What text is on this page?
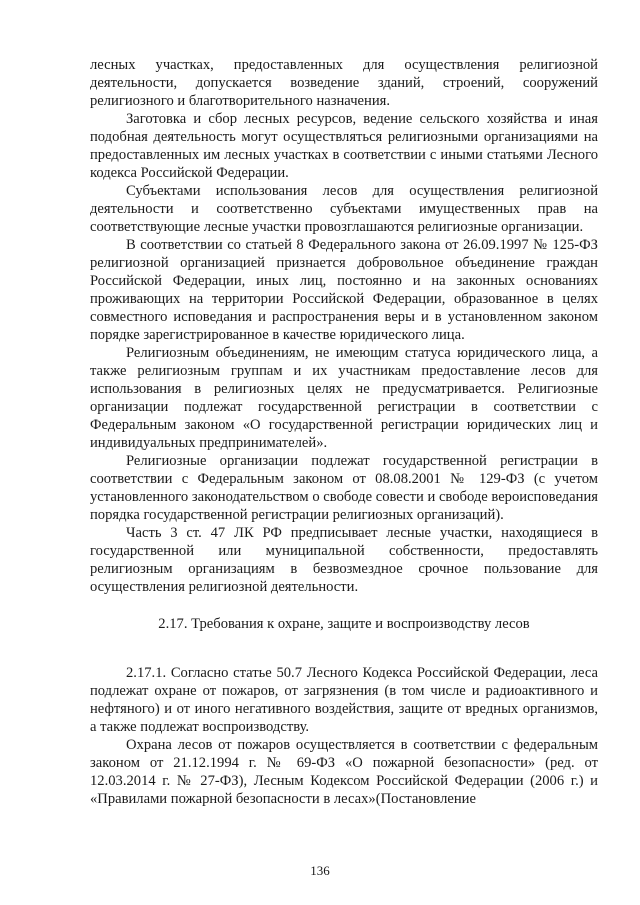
лесных участках, предоставленных для осуществления религиозной деятельности, допускается возведение зданий, строений, сооружений религиозного и благотворительного назначения.

Заготовка и сбор лесных ресурсов, ведение сельского хозяйства и иная подобная деятельность могут осуществляться религиозными организациями на предоставленных им лесных участках в соответствии с иными статьями Лесного кодекса Российской Федерации.

Субъектами использования лесов для осуществления религиозной деятельности и соответственно субъектами имущественных прав на соответствующие лесные участки провозглашаются религиозные организации.

В соответствии со статьей 8 Федерального закона от 26.09.1997 № 125-ФЗ религиозной организацией признается добровольное объединение граждан Российской Федерации, иных лиц, постоянно и на законных основаниях проживающих на территории Российской Федерации, образованное в целях совместного исповедания и распространения веры и в установленном законом порядке зарегистрированное в качестве юридического лица.

Религиозным объединениям, не имеющим статуса юридического лица, а также религиозным группам и их участникам предоставление лесов для использования в религиозных целях не предусматривается. Религиозные организации подлежат государственной регистрации в соответствии с Федеральным законом «О государственной регистрации юридических лиц и индивидуальных предпринимателей».

Религиозные организации подлежат государственной регистрации в соответствии с Федеральным законом от 08.08.2001 № 129-ФЗ (с учетом установленного законодательством о свободе совести и свободе вероисповедания порядка государственной регистрации религиозных организаций).

Часть 3 ст. 47 ЛК РФ предписывает лесные участки, находящиеся в государственной или муниципальной собственности, предоставлять религиозным организациям в безвозмездное срочное пользование для осуществления религиозной деятельности.

2.17. Требования к охране, защите и воспроизводству лесов

2.17.1. Согласно статье 50.7 Лесного Кодекса Российской Федерации, леса подлежат охране от пожаров, от загрязнения (в том числе и радиоактивного и нефтяного) и от иного негативного воздействия, защите от вредных организмов, а также подлежат воспроизводству.

Охрана лесов от пожаров осуществляется в соответствии с федеральным законом от 21.12.1994 г. № 69-ФЗ «О пожарной безопасности» (ред. от 12.03.2014 г. № 27-ФЗ), Лесным Кодексом Российской Федерации (2006 г.) и «Правилами пожарной безопасности в лесах»(Постановление

136
